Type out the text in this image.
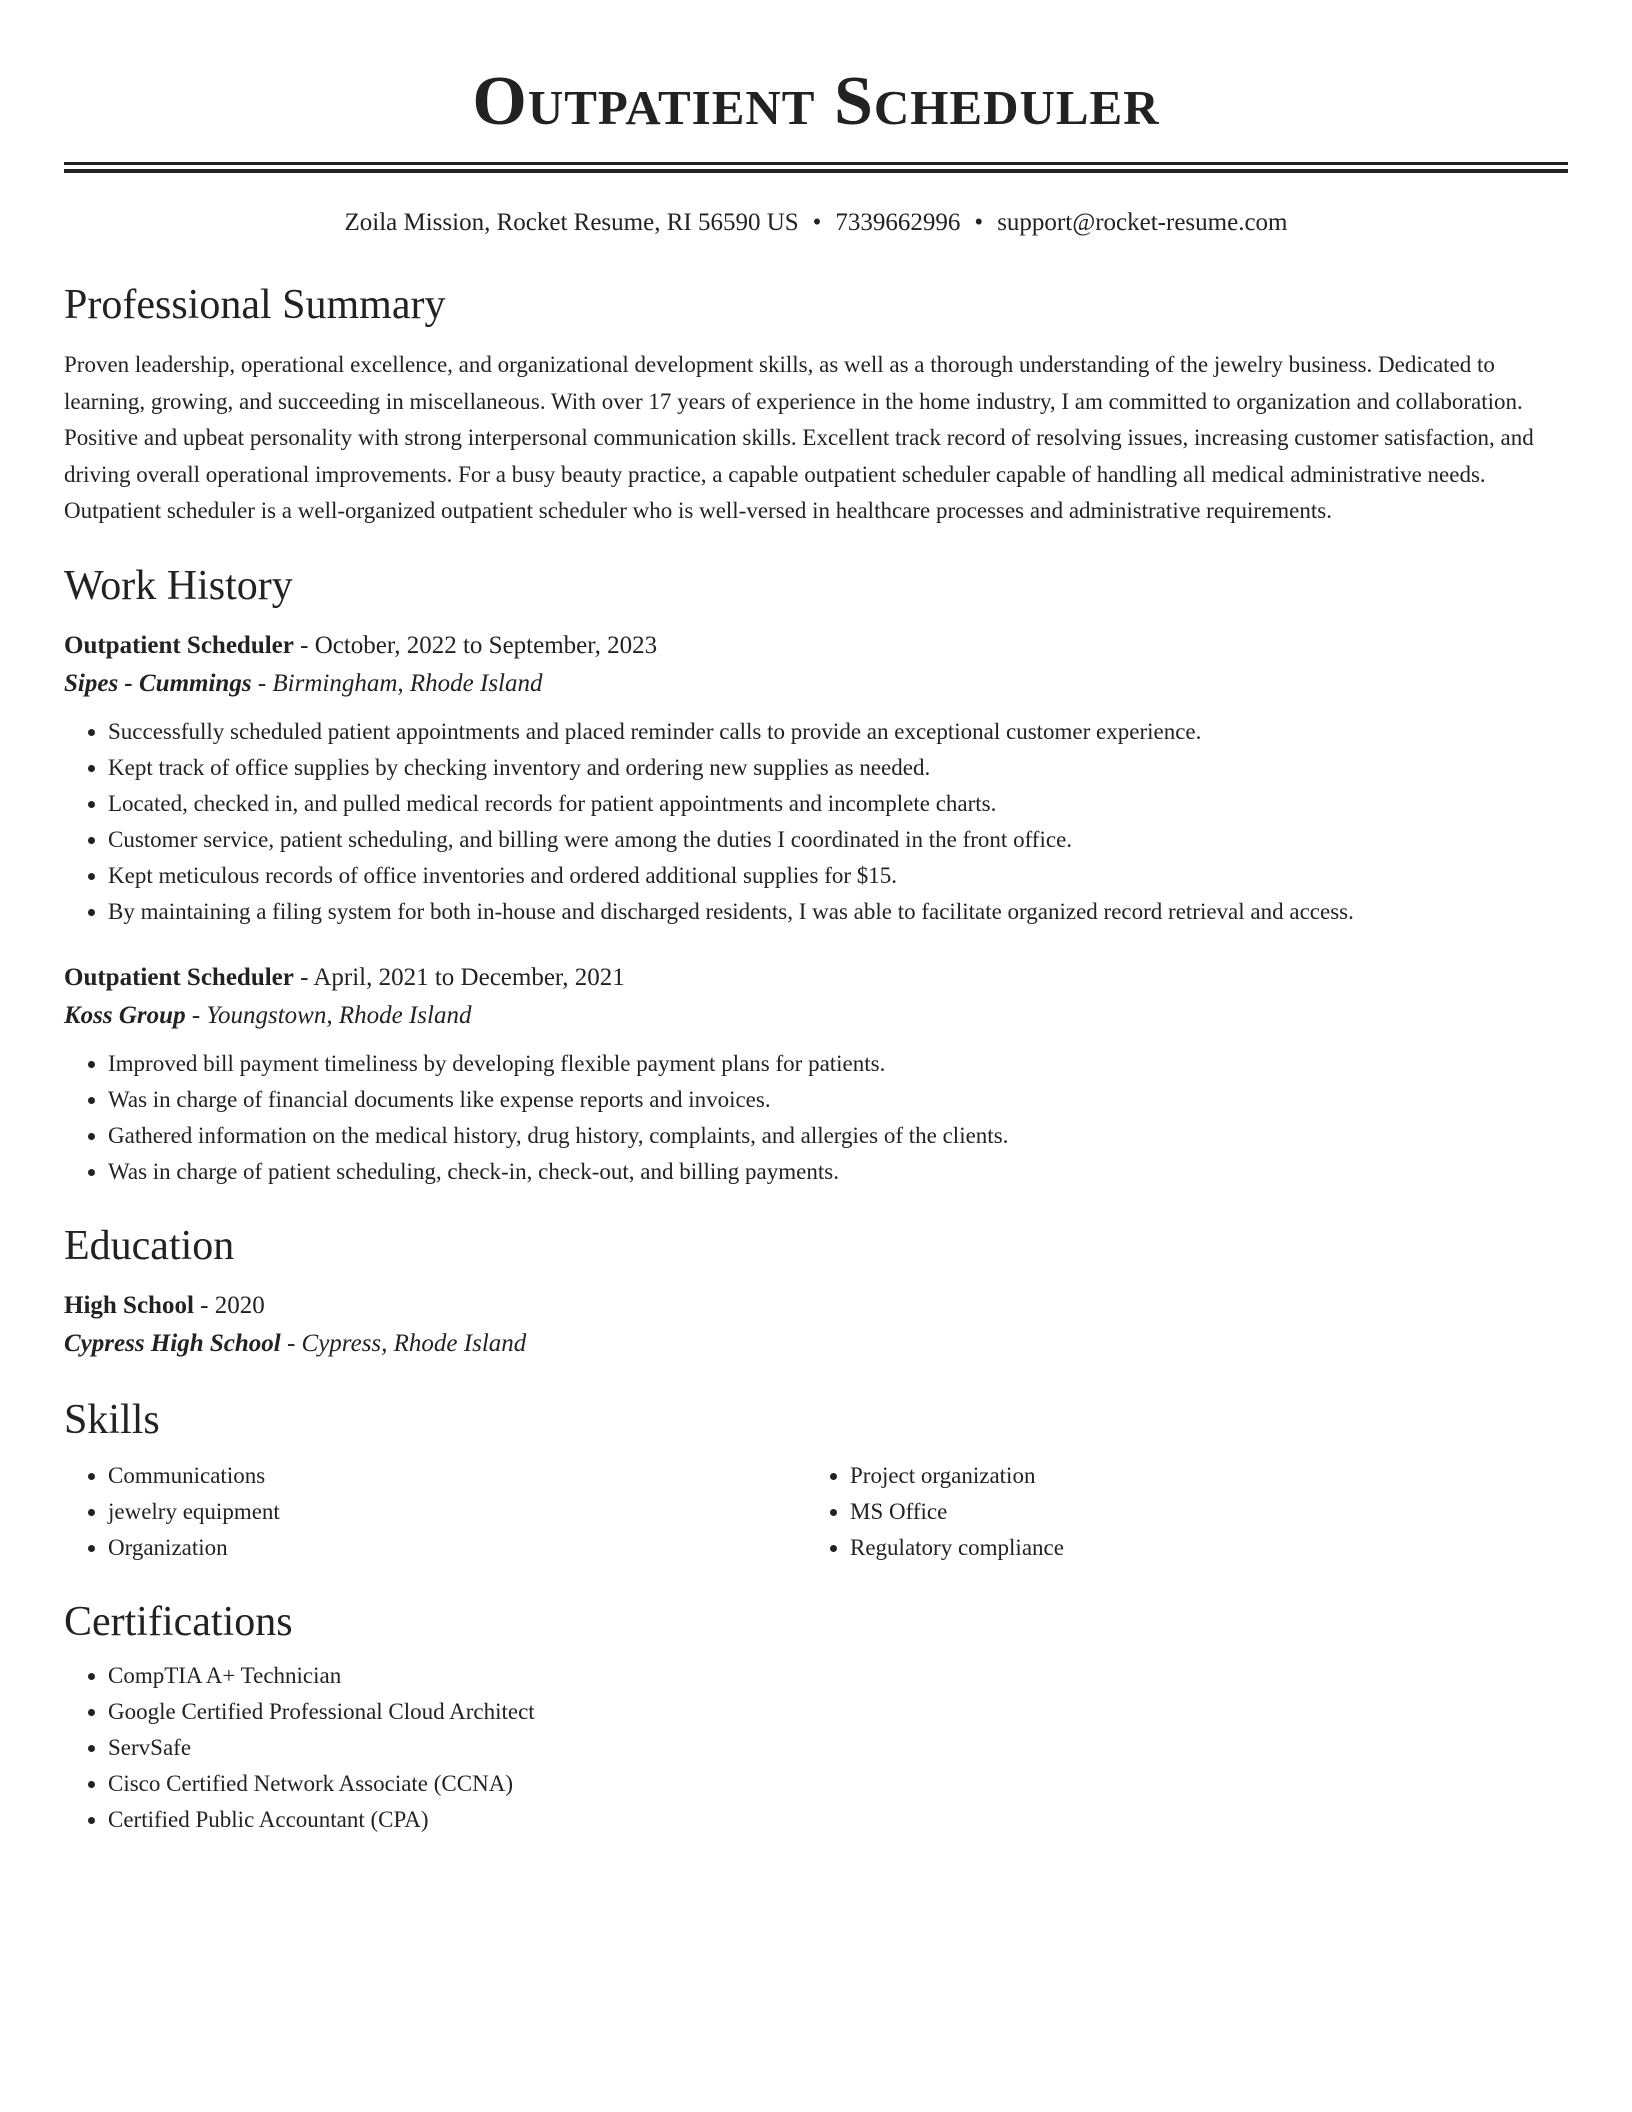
Outpatient Scheduler
Zoila Mission, Rocket Resume, RI 56590 US • 7339662996 • support@rocket-resume.com
Professional Summary

Proven leadership, operational excellence, and organizational development skills, as well as a thorough understanding of the jewelry business. Dedicated to learning, growing, and succeeding in miscellaneous. With over 17 years of experience in the home industry, I am committed to organization and collaboration. Positive and upbeat personality with strong interpersonal communication skills. Excellent track record of resolving issues, increasing customer satisfaction, and driving overall operational improvements. For a busy beauty practice, a capable outpatient scheduler capable of handling all medical administrative needs. Outpatient scheduler is a well-organized outpatient scheduler who is well-versed in healthcare processes and administrative requirements.

Work History
Outpatient Scheduler - October, 2022 to September, 2023
Sipes - Cummings - Birmingham, Rhode Island
• Successfully scheduled patient appointments and placed reminder calls to provide an exceptional customer experience.
• Kept track of office supplies by checking inventory and ordering new supplies as needed.
• Located, checked in, and pulled medical records for patient appointments and incomplete charts.
• Customer service, patient scheduling, and billing were among the duties I coordinated in the front office.
• Kept meticulous records of office inventories and ordered additional supplies for $15.
• By maintaining a filing system for both in-house and discharged residents, I was able to facilitate organized record retrieval and access.
Outpatient Scheduler - April, 2021 to December, 2021
Koss Group - Youngstown, Rhode Island
• Improved bill payment timeliness by developing flexible payment plans for patients.
• Was in charge of financial documents like expense reports and invoices.
• Gathered information on the medical history, drug history, complaints, and allergies of the clients.
• Was in charge of patient scheduling, check-in, check-out, and billing payments.
Education
High School - 2020
Cypress High School - Cypress, Rhode Island
Skills
• Communications
• jewelry equipment
• Organization
• Project organization
• MS Office
• Regulatory compliance
Certifications
• CompTIA A+ Technician
• Google Certified Professional Cloud Architect
• ServSafe
• Cisco Certified Network Associate (CCNA)
• Certified Public Accountant (CPA)
